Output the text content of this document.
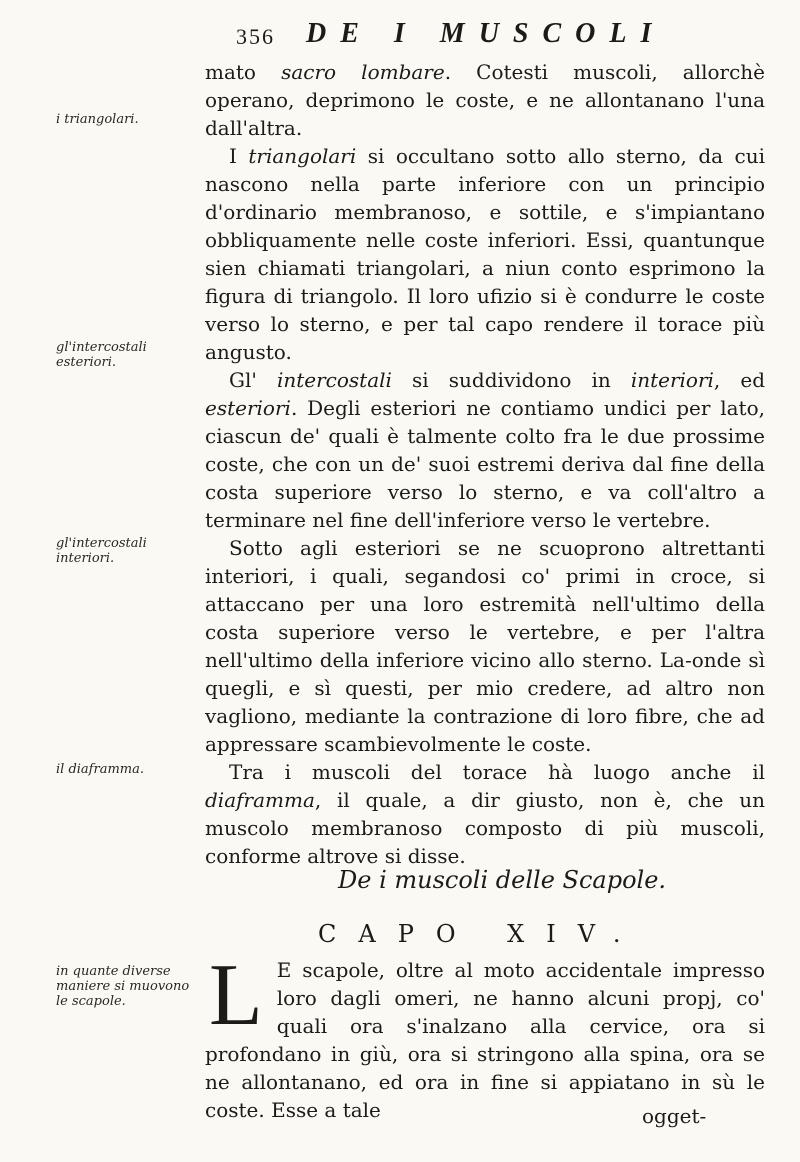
356 DE I MUSCOLI
i triangolari.
gl'intercostali esteriori.
gl'intercostali interiori.
il diaframma.
in quante diverse maniere si muovono le scapole.

mato sacro lombare. Cotesti muscoli, allorchè operano, deprimono le coste, e ne allontanano l'una dall'altra.

I triangolari si occultano sotto allo sterno, da cui nascono nella parte inferiore con un principio d'ordinario membranoso, e sottile, e s'impiantano obbliquamente nelle coste inferiori. Essi, quantunque sien chiamati triangolari, a niun conto esprimono la figura di triangolo. Il loro ufizio si è condurre le coste verso lo sterno, e per tal capo rendere il torace più angusto.

Gl' intercostali si suddividono in interiori, ed esteriori. Degli esteriori ne contiamo undici per lato, ciascun de' quali è talmente colto fra le due prossime coste, che con un de' suoi estremi deriva dal fine della costa superiore verso lo sterno, e va coll'altro a terminare nel fine dell'inferiore verso le vertebre.

Sotto agli esteriori se ne scuoprono altrettanti interiori, i quali, segandosi co' primi in croce, si attaccano per una loro estremità nell'ultimo della costa superiore verso le vertebre, e per l'altra nell'ultimo della inferiore vicino allo sterno. La-onde sì quegli, e sì questi, per mio credere, ad altro non vagliono, mediante la contrazione di loro fibre, che ad appressare scambievolmente le coste.

Tra i muscoli del torace hà luogo anche il diaframma, il quale, a dir giusto, non è, che un muscolo membranoso composto di più muscoli, conforme altrove si disse.

De i muscoli delle Scapole.
CAPO XIV.
L E scapole, oltre al moto accidentale impresso loro dagli omeri, ne hanno alcuni propj, co' quali ora s'inalzano alla cervice, ora si profondano in giù, ora si stringono alla spina, ora se ne allontanano, ed ora in fine si appiatano in sù le coste. Esse a tale	ogget-
